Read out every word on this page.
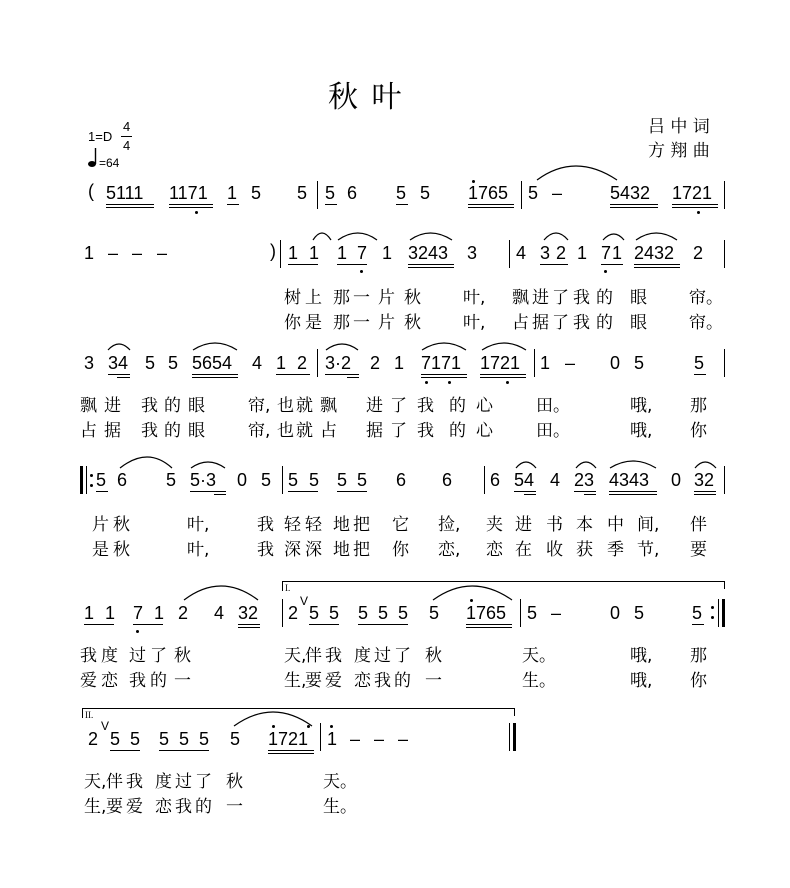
秋 叶
吕 中 词
方 翔 曲
1=D
4
4
=64
( 5111 1171 1 5 5 5 6 5 5 1765 5 –	5432 1721
1 – – –	) 1 1 1 7 1 3243 3 4 3 2 1 7 1 2432 2
树 上 那 一 片 秋 叶, 飘 进 了 我 的 眼 帘。
你 是 那 一 片 秋 叶, 占 据 了 我 的 眼 帘。
3 34 5 5 5654 4 1 2 3·2 2 1 7171 1721 1 – 0 5	5
飘 进 我 的 眼	帘, 也 就 飘 进 了 我 的 心	田。	哦, 那
占 据 我 的 眼	帘, 也 就 占 据 了 我 的 心	田。	哦, 你
5 6 5 5·3 0 5 5 5 5 5 6 6 6 54 4 23 4343 0 32
片 秋	叶,	我 轻 轻 地 把 它 捡, 夹 进 书 本 中 间, 伴
是 秋	叶,	我 深 深 地 把 你 恋, 恋 在 收 获 季 节, 要
I.
V
1 1 7 1 2 4 32 2 5 5 5 5 5 5 1765 5 –	0 5	5
我 度 过 了 秋	天,
伴 我 度 过 了 秋	天。	哦, 那
爱 恋 我 的 一	生,
要 爱 恋 我 的 一	生。	哦, 你
II.
V
2 5 5 5 5 5 5 1721 1 – – –
天, 伴 我 度 过 了 秋	天。
生, 要 爱 恋 我 的 一	生。
